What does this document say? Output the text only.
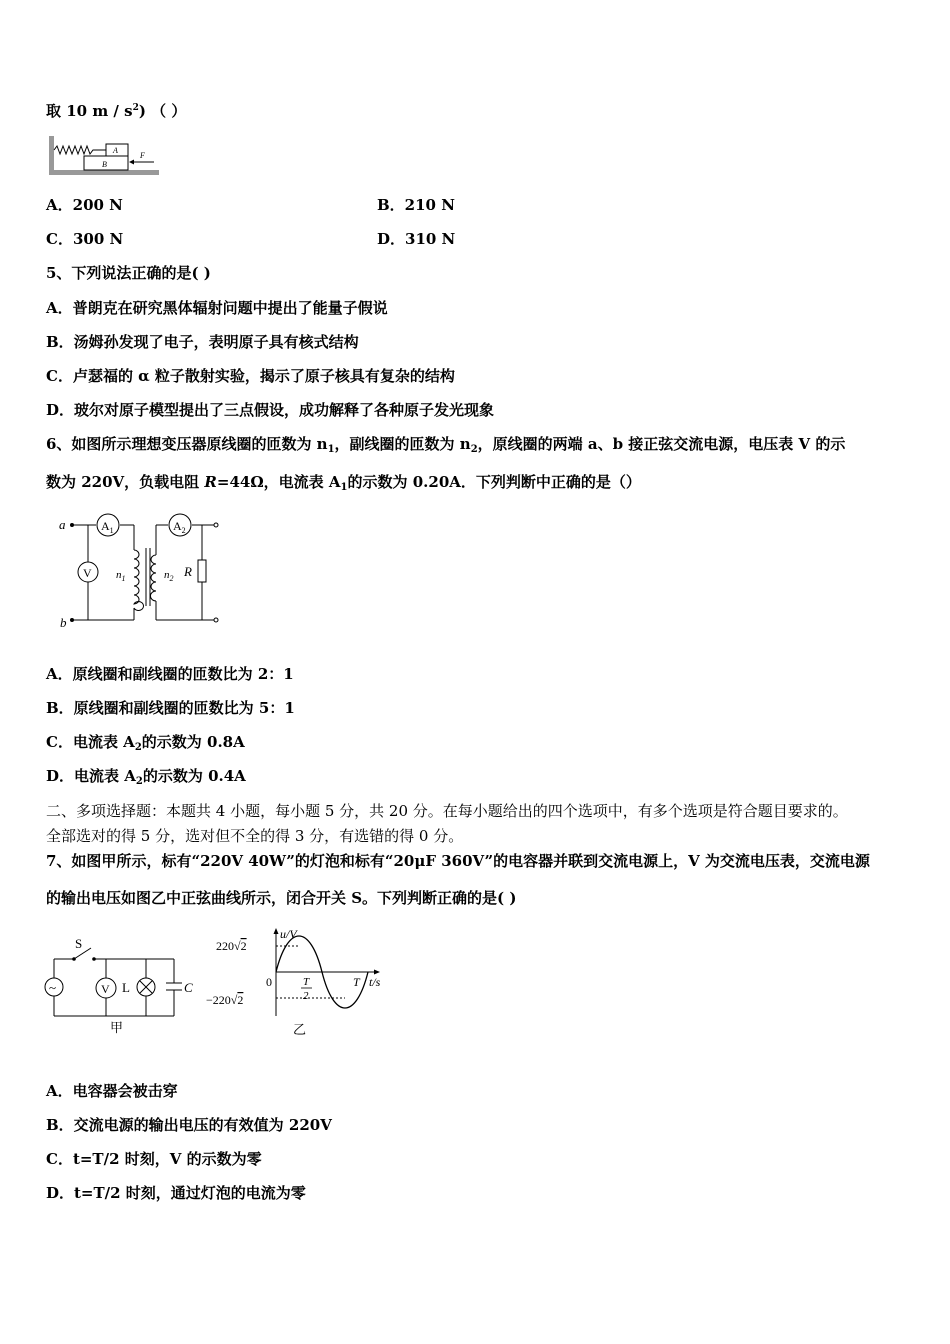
取 10 m / $s^2$) （ ）
A
B
F
A．200 N	B．210 N
C．300 N	D．310 N
5、下列说法正确的是( )
A．普朗克在研究黑体辐射问题中提出了能量子假说
B．汤姆孙发现了电子，表明原子具有核式结构
C．卢瑟福的 α 粒子散射实验，揭示了原子核具有复杂的结构
D．玻尔对原子模型提出了三点假设，成功解释了各种原子发光现象
6、如图所示理想变压器原线圈的匝数为 $n_1$，副线圈的匝数为 $n_2$，原线圈的两端 a、b 接正弦交流电源，电压表 V 的示
数为 220V，负载电阻 R=44Ω，电流表 $A_1$的示数为 0.20A．下列判断中正确的是（）
a
b
$A_1$	$A_2$
V $n_1$	$n_2$ R
A．原线圈和副线圈的匝数比为 2：1
B．原线圈和副线圈的匝数比为 5：1
C．电流表 $A_2$的示数为 0.8A
D．电流表 $A_2$的示数为 0.4A
二、多项选择题：本题共 4 小题，每小题 5 分，共 20 分。在每小题给出的四个选项中，有多个选项是符合题目要求的。
全部选对的得 5 分，选对但不全的得 3 分，有选错的得 0 分。
7、如图甲所示，标有“220V 40W”的灯泡和标有“20μF 360V”的电容器并联到交流电源上，V 为交流电压表，交流电源
的输出电压如图乙中正弦曲线所示，闭合开关 S。下列判断正确的是( )
~
S
V L	C
甲
220√2
−220√2
u/V
t/s
0	T
2
T
乙
A．电容器会被击穿
B．交流电源的输出电压的有效值为 220V
C．t=T/2 时刻，V 的示数为零
D．t=T/2 时刻，通过灯泡的电流为零
